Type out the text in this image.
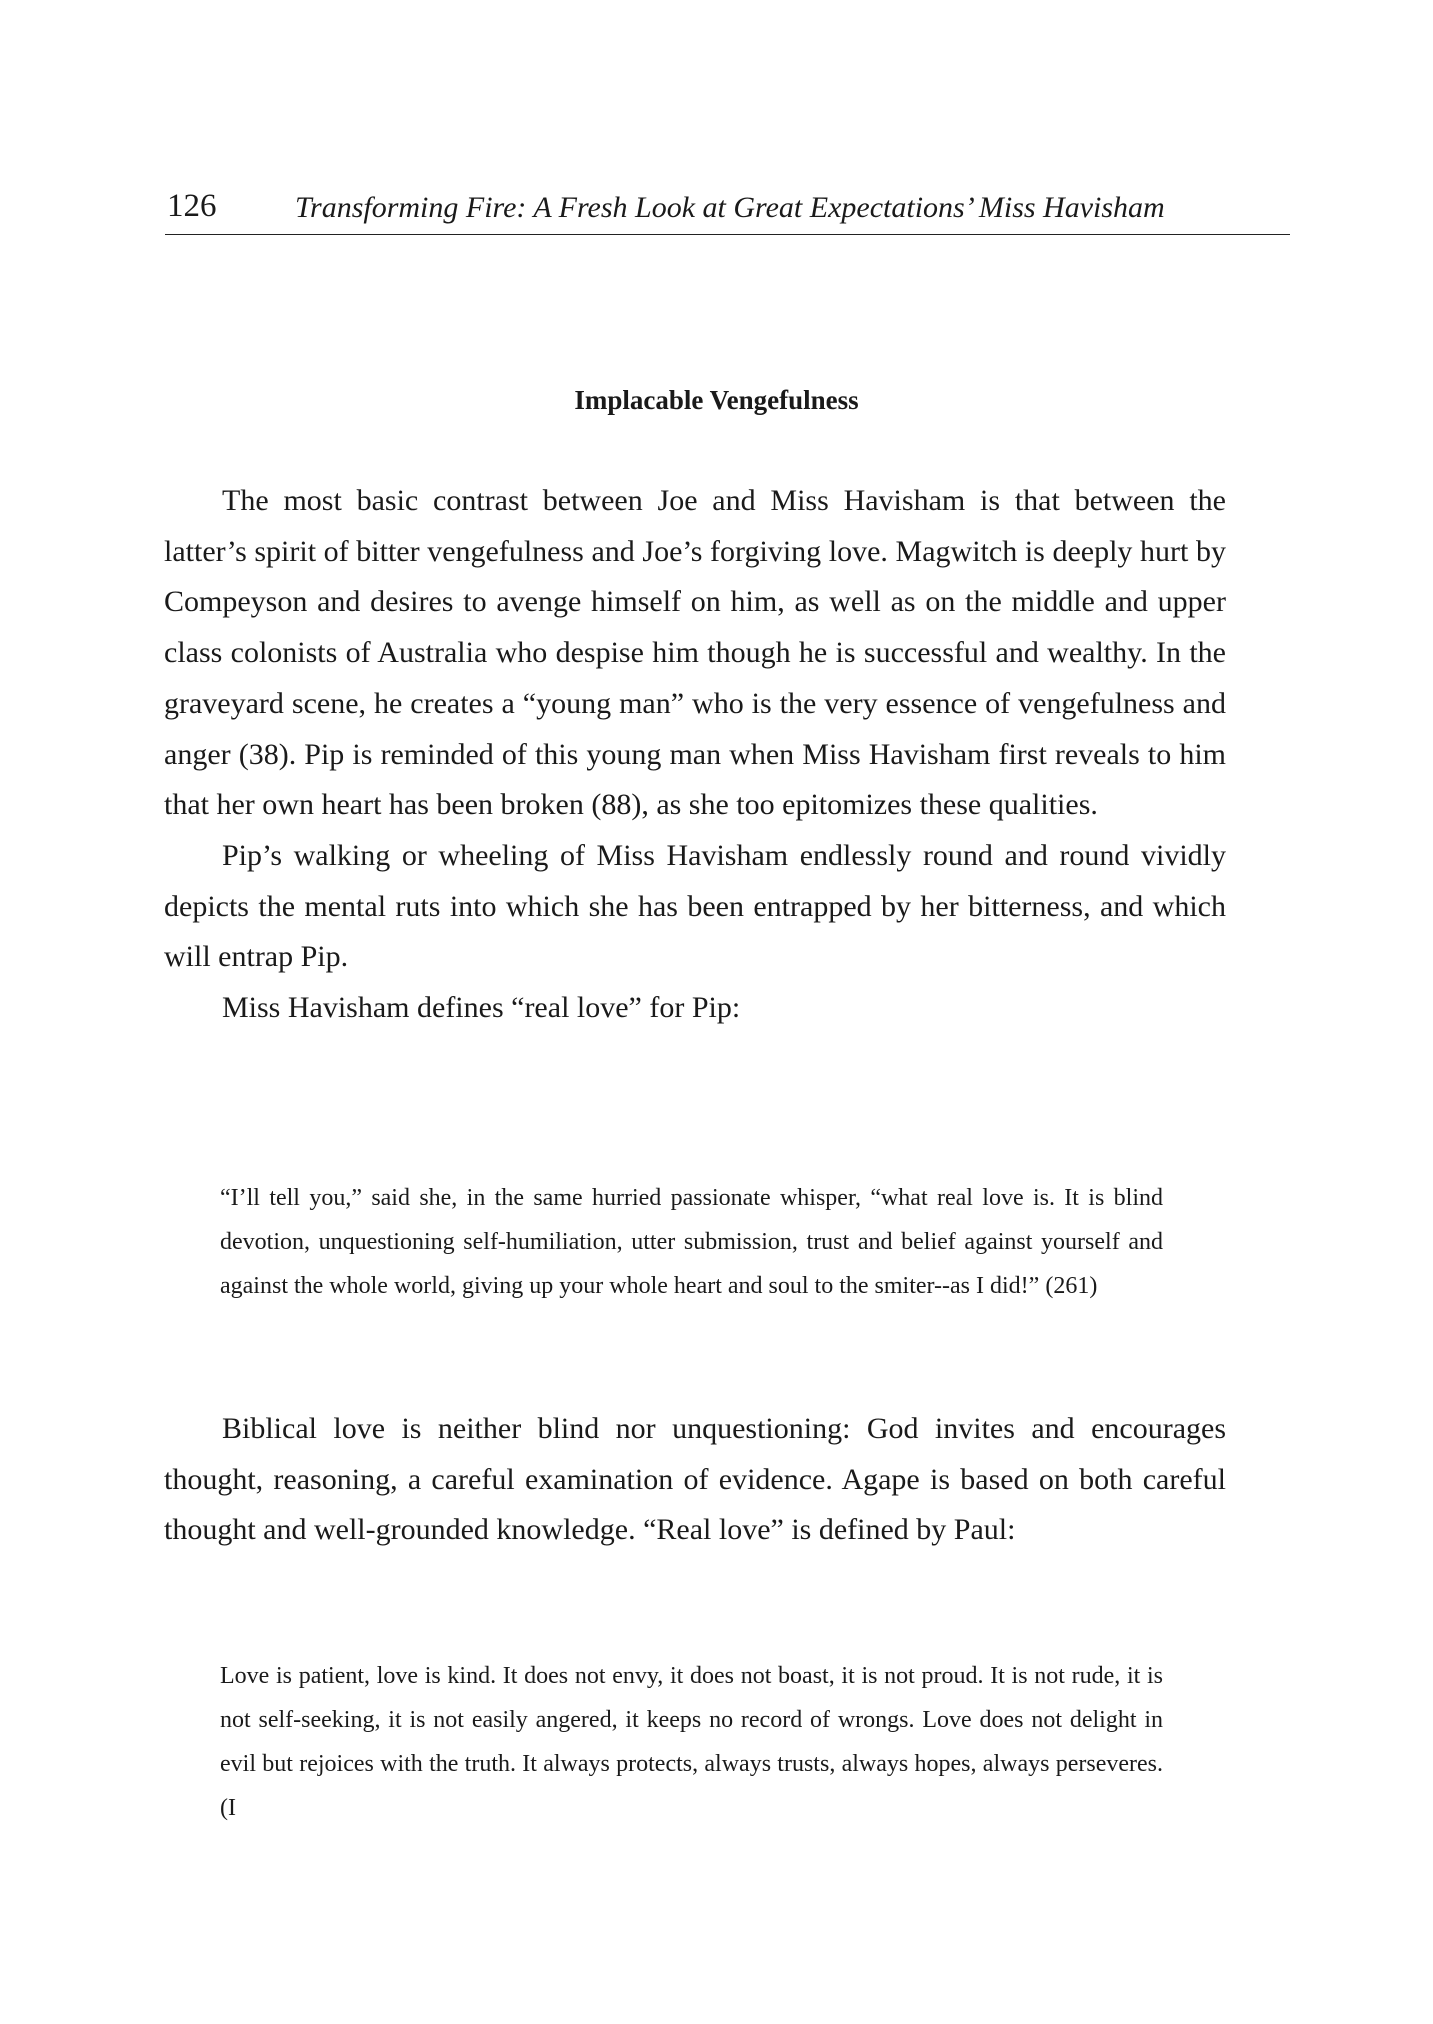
126	Transforming Fire: A Fresh Look at Great Expectations’ Miss Havisham
Implacable Vengefulness

The most basic contrast between Joe and Miss Havisham is that between the latter’s spirit of bitter vengefulness and Joe’s forgiving love. Magwitch is deeply hurt by Compeyson and desires to avenge himself on him, as well as on the middle and upper class colonists of Australia who despise him though he is successful and wealthy. In the graveyard scene, he creates a “young man” who is the very essence of vengefulness and anger (38). Pip is reminded of this young man when Miss Havisham first reveals to him that her own heart has been broken (88), as she too epitomizes these qualities.

Pip’s walking or wheeling of Miss Havisham endlessly round and round vividly depicts the mental ruts into which she has been entrapped by her bitterness, and which will entrap Pip.

Miss Havisham defines “real love” for Pip:

“I’ll tell you,” said she, in the same hurried passionate whisper, “what real love is. It is blind devotion, unquestioning self-humiliation, utter submission, trust and belief against yourself and against the whole world, giving up your whole heart and soul to the smiter--as I did!” (261)

Biblical love is neither blind nor unquestioning: God invites and encourages thought, reasoning, a careful examination of evidence. Agape is based on both careful thought and well-grounded knowledge. “Real love” is defined by Paul:

Love is patient, love is kind. It does not envy, it does not boast, it is not proud. It is not rude, it is not self-seeking, it is not easily angered, it keeps no record of wrongs. Love does not delight in evil but rejoices with the truth. It always protects, always trusts, always hopes, always perseveres. (I
